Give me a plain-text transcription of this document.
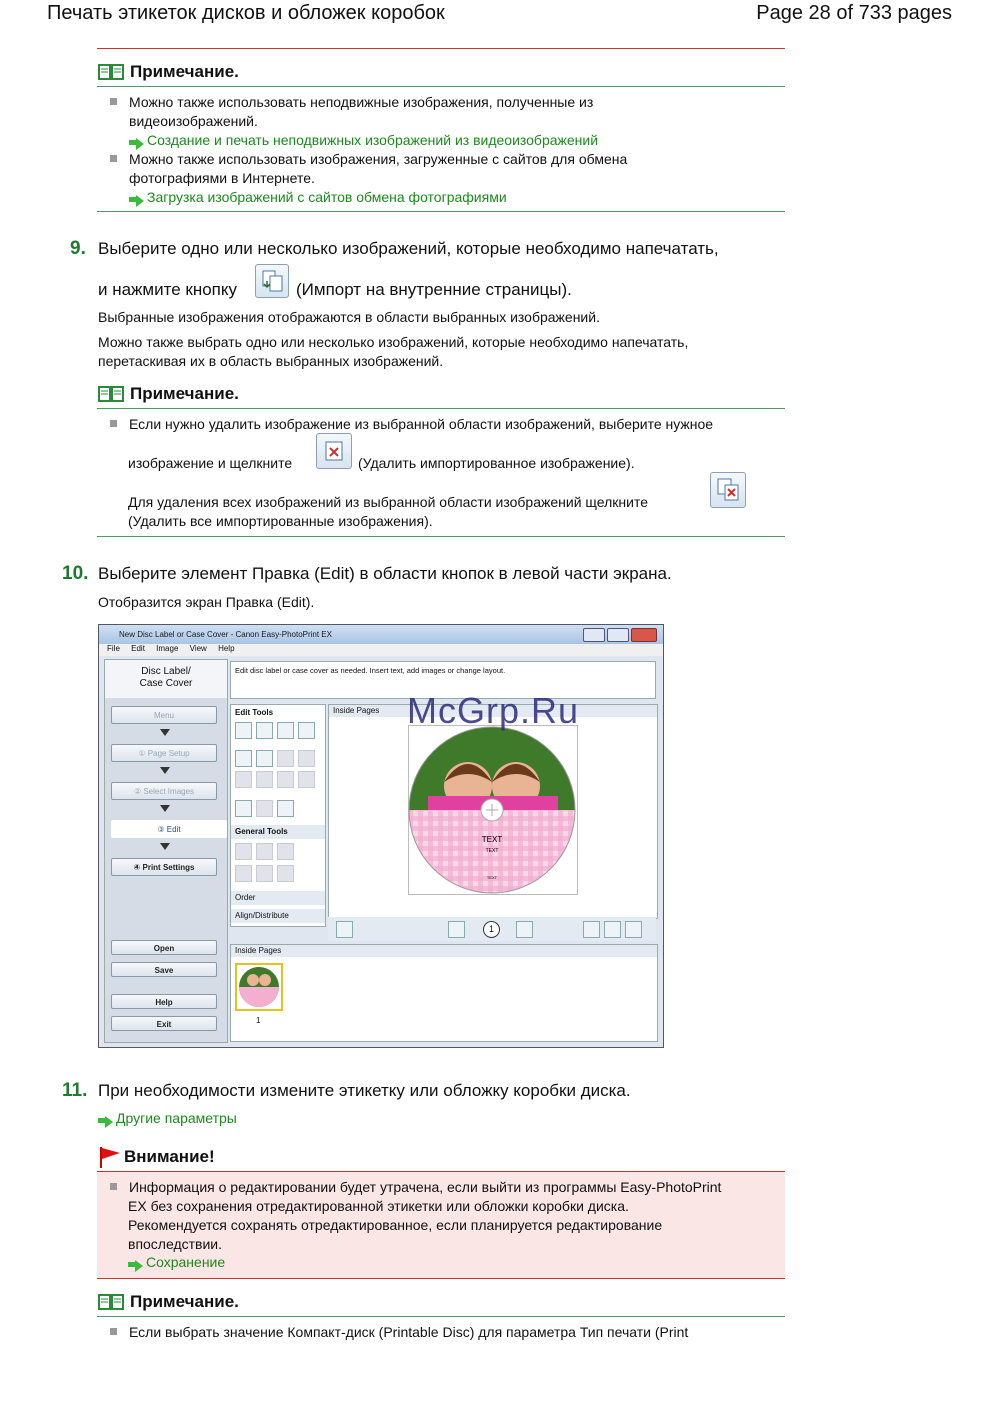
Печать этикеток дисков и обложек коробок	Page 28 of 733 pages
Примечание.
Можно также использовать неподвижные изображения, полученные из
видеоизображений.
Создание и печать неподвижных изображений из видеоизображений
Можно также использовать изображения, загруженные с сайтов для обмена
фотографиями в Интернете.
Загрузка изображений с сайтов обмена фотографиями
9. Выберите одно или несколько изображений, которые необходимо напечатать,
и нажмите кнопку	(Импорт на внутренние страницы).
Выбранные изображения отображаются в области выбранных изображений.
Можно также выбрать одно или несколько изображений, которые необходимо напечатать,
перетаскивая их в область выбранных изображений.
Примечание.
Если нужно удалить изображение из выбранной области изображений, выберите нужное
изображение и щелкните	(Удалить импортированное изображение).
Для удаления всех изображений из выбранной области изображений щелкните
(Удалить все импортированные изображения).
10. Выберите элемент Правка (Edit) в области кнопок в левой части экрана.
Отобразится экран Правка (Edit).
New Disc Label or Case Cover - Canon Easy-PhotoPrint EX
File Edit Image View Help
Disc Label/
Case Cover
Menu
① Page Setup
② Select Images
③ Edit
④ Print Settings
Open
Save
Help
Exit
Edit disc label or case cover as needed. Insert text, add images or change layout.
Edit Tools
General Tools
Order
Align/Distribute
Inside Pages
TEXT
TEXT
TEXT
McGrp.Ru
1
Inside Pages
1
11. При необходимости измените этикетку или обложку коробки диска.
Другие параметры
Внимание!
Информация о редактировании будет утрачена, если выйти из программы Easy-PhotoPrint
EX без сохранения отредактированной этикетки или обложки коробки диска.
Рекомендуется сохранять отредактированное, если планируется редактирование
впоследствии.
Сохранение
Примечание.
Если выбрать значение Компакт-диск (Printable Disc) для параметра Тип печати (Print
